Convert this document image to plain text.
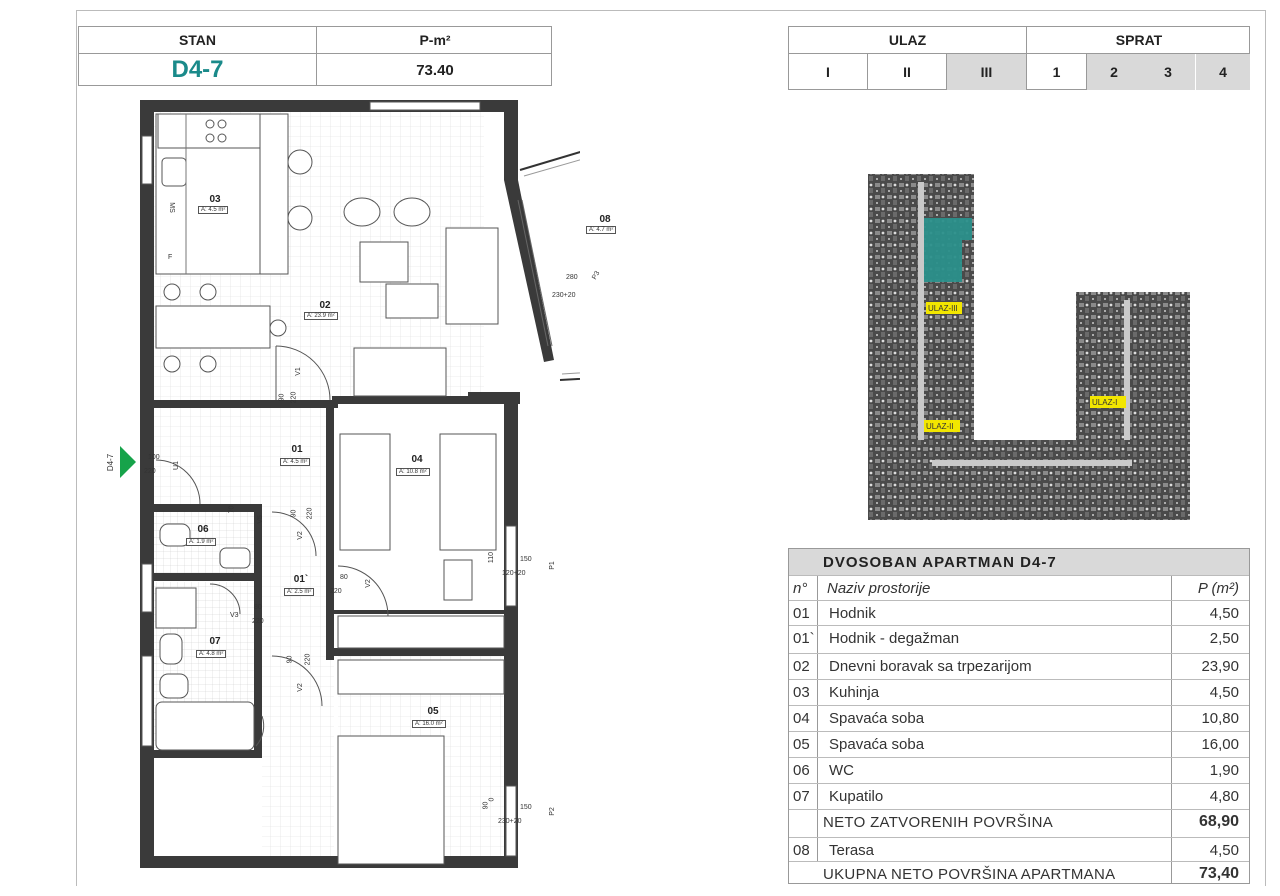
STAN	P-m²
D4-7	73.40
ULAZ	SPRAT
I	II	III	1	2	3	4
03
A: 4.5 m²
02
A: 23.9 m²
08
A: 4.7 m²
01
A: 4.5 m²	04
A: 10.8 m²
06
A: 1.9 m²
01`
A: 2.5 m²
07
A: 4.8 m²
05
A: 16.0 m²
MS
F
D4-7
V1
U1
V2
V5
V2
V3
V2
P1
P2
P3
280
230+20
150
120+20
150
230+20
100
220
90 220
80
220
80
220
90 220
90 220
70
110
90
0
ULAZ-III
ULAZ-II
ULAZ-I
DVOSOBAN APARTMAN D4-7
n° Naziv prostorije	P (m²)
01 Hodnik	4,50
01` Hodnik - degažman	2,50
02 Dnevni boravak sa trpezarijom	23,90
03 Kuhinja	4,50
04 Spavaća soba	10,80
05 Spavaća soba	16,00
06 WC	1,90
07 Kupatilo	4,80
NETO ZATVORENIH POVRŠINA	68,90
08 Terasa	4,50
UKUPNA NETO POVRŠINA APARTMANA	73,40
